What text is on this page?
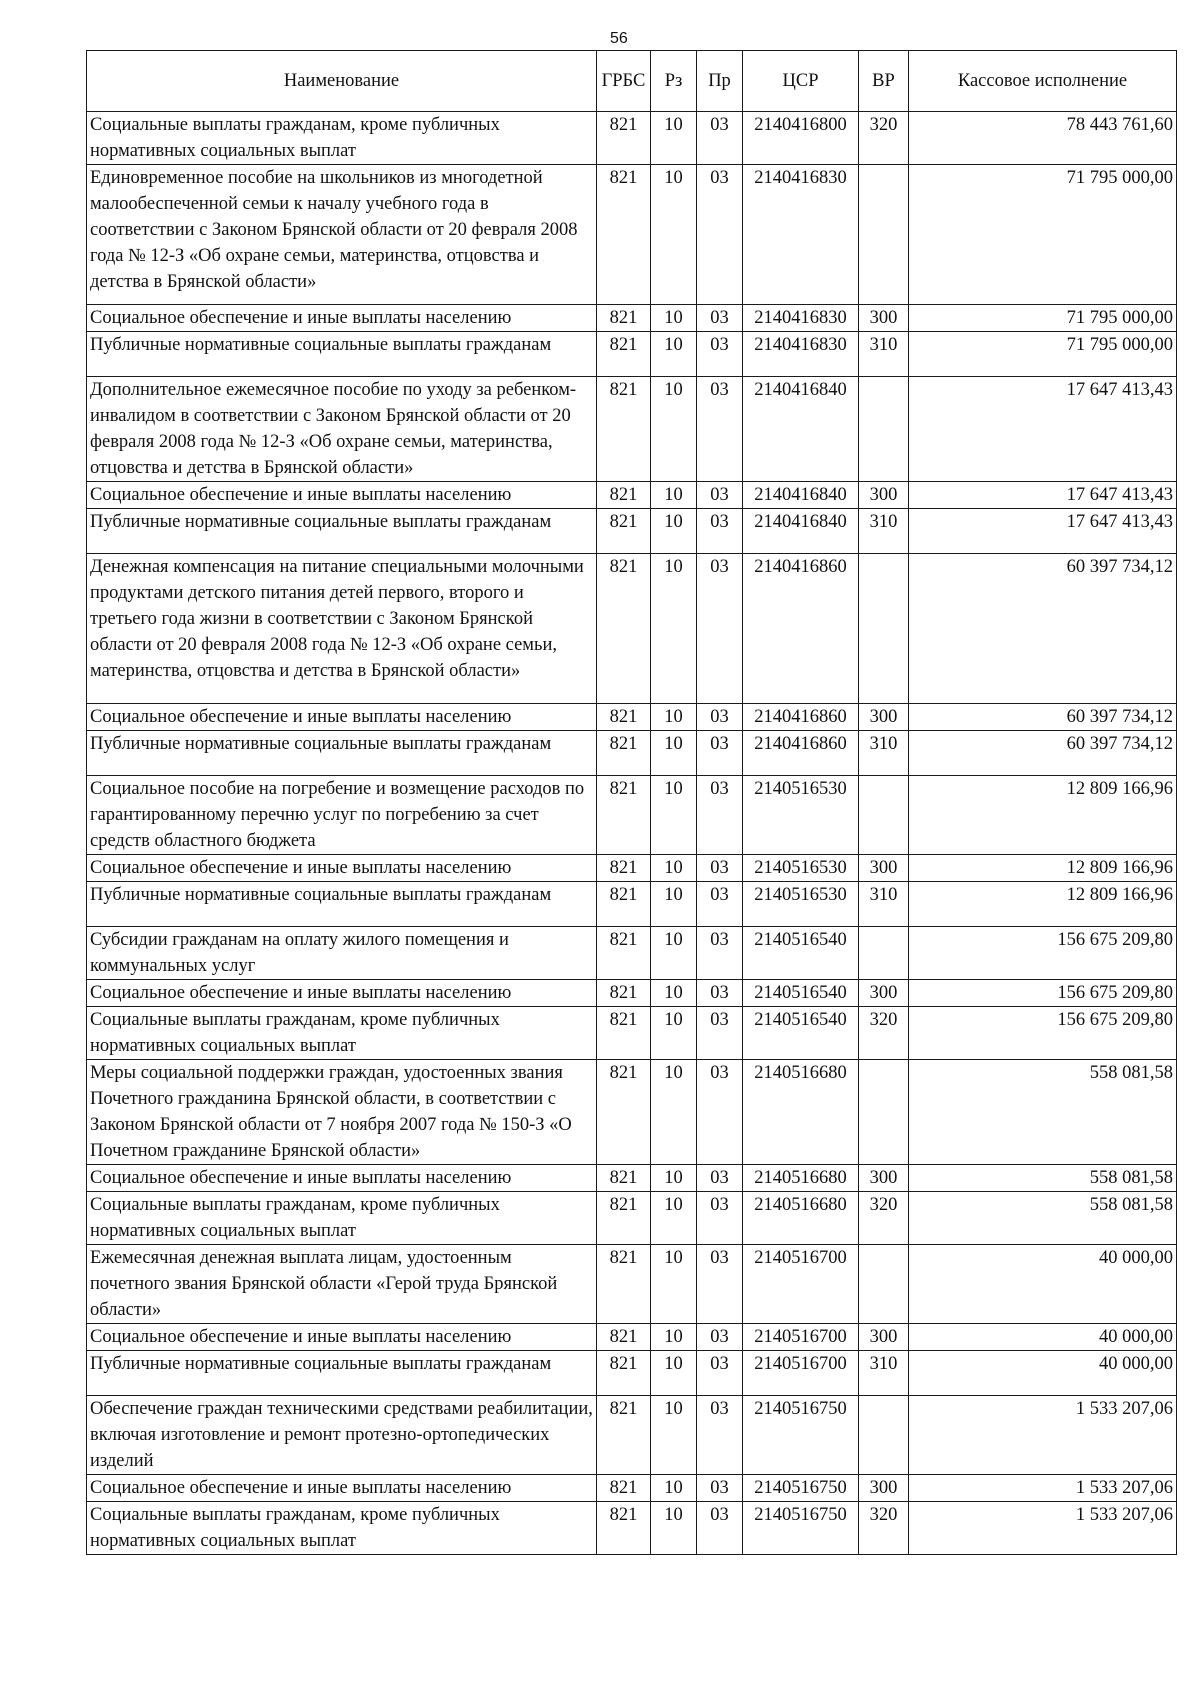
56
Наименование	ГРБС	Рз	Пр	ЦСР	ВР	Кассовое исполнение
Социальные выплаты гражданам, кроме публичных нормативных социальных выплат	821	10	03	2140416800	320	78 443 761,60
Единовременное пособие на школьников из многодетной малообеспеченной семьи к началу учебного года в соответствии с Законом Брянской области от 20 февраля 2008 года № 12-З «Об охране семьи, материнства, отцовства и детства в Брянской области»	821	10	03	2140416830		71 795 000,00
Социальное обеспечение и иные выплаты населению	821	10	03	2140416830	300	71 795 000,00
Публичные нормативные социальные выплаты гражданам	821	10	03	2140416830	310	71 795 000,00
Дополнительное ежемесячное пособие по уходу за ребенком-инвалидом в соответствии с Законом Брянской области от 20 февраля 2008 года № 12-З «Об охране семьи, материнства, отцовства и детства в Брянской области»	821	10	03	2140416840		17 647 413,43
Социальное обеспечение и иные выплаты населению	821	10	03	2140416840	300	17 647 413,43
Публичные нормативные социальные выплаты гражданам	821	10	03	2140416840	310	17 647 413,43
Денежная компенсация на питание специальными молочными продуктами детского питания детей первого, второго и третьего года жизни в соответствии с Законом Брянской области от 20 февраля 2008 года № 12-З «Об охране семьи, материнства, отцовства и детства в Брянской области»	821	10	03	2140416860		60 397 734,12
Социальное обеспечение и иные выплаты населению	821	10	03	2140416860	300	60 397 734,12
Публичные нормативные социальные выплаты гражданам	821	10	03	2140416860	310	60 397 734,12
Социальное пособие на погребение и возмещение расходов по гарантированному перечню услуг по погребению за счет средств областного бюджета	821	10	03	2140516530		12 809 166,96
Социальное обеспечение и иные выплаты населению	821	10	03	2140516530	300	12 809 166,96
Публичные нормативные социальные выплаты гражданам	821	10	03	2140516530	310	12 809 166,96
Субсидии гражданам на оплату жилого помещения и коммунальных услуг	821	10	03	2140516540		156 675 209,80
Социальное обеспечение и иные выплаты населению	821	10	03	2140516540	300	156 675 209,80
Социальные выплаты гражданам, кроме публичных нормативных социальных выплат	821	10	03	2140516540	320	156 675 209,80
Меры социальной поддержки граждан, удостоенных звания Почетного гражданина Брянской области, в соответствии с Законом Брянской области от 7 ноября 2007 года № 150-З «О Почетном гражданине Брянской области»	821	10	03	2140516680		558 081,58
Социальное обеспечение и иные выплаты населению	821	10	03	2140516680	300	558 081,58
Социальные выплаты гражданам, кроме публичных нормативных социальных выплат	821	10	03	2140516680	320	558 081,58
Ежемесячная денежная выплата лицам, удостоенным почетного звания Брянской области «Герой труда Брянской области»	821	10	03	2140516700		40 000,00
Социальное обеспечение и иные выплаты населению	821	10	03	2140516700	300	40 000,00
Публичные нормативные социальные выплаты гражданам	821	10	03	2140516700	310	40 000,00
Обеспечение граждан техническими средствами реабилитации, включая изготовление и ремонт протезно-ортопедических изделий	821	10	03	2140516750		1 533 207,06
Социальное обеспечение и иные выплаты населению	821	10	03	2140516750	300	1 533 207,06
Социальные выплаты гражданам, кроме публичных нормативных социальных выплат	821	10	03	2140516750	320	1 533 207,06
